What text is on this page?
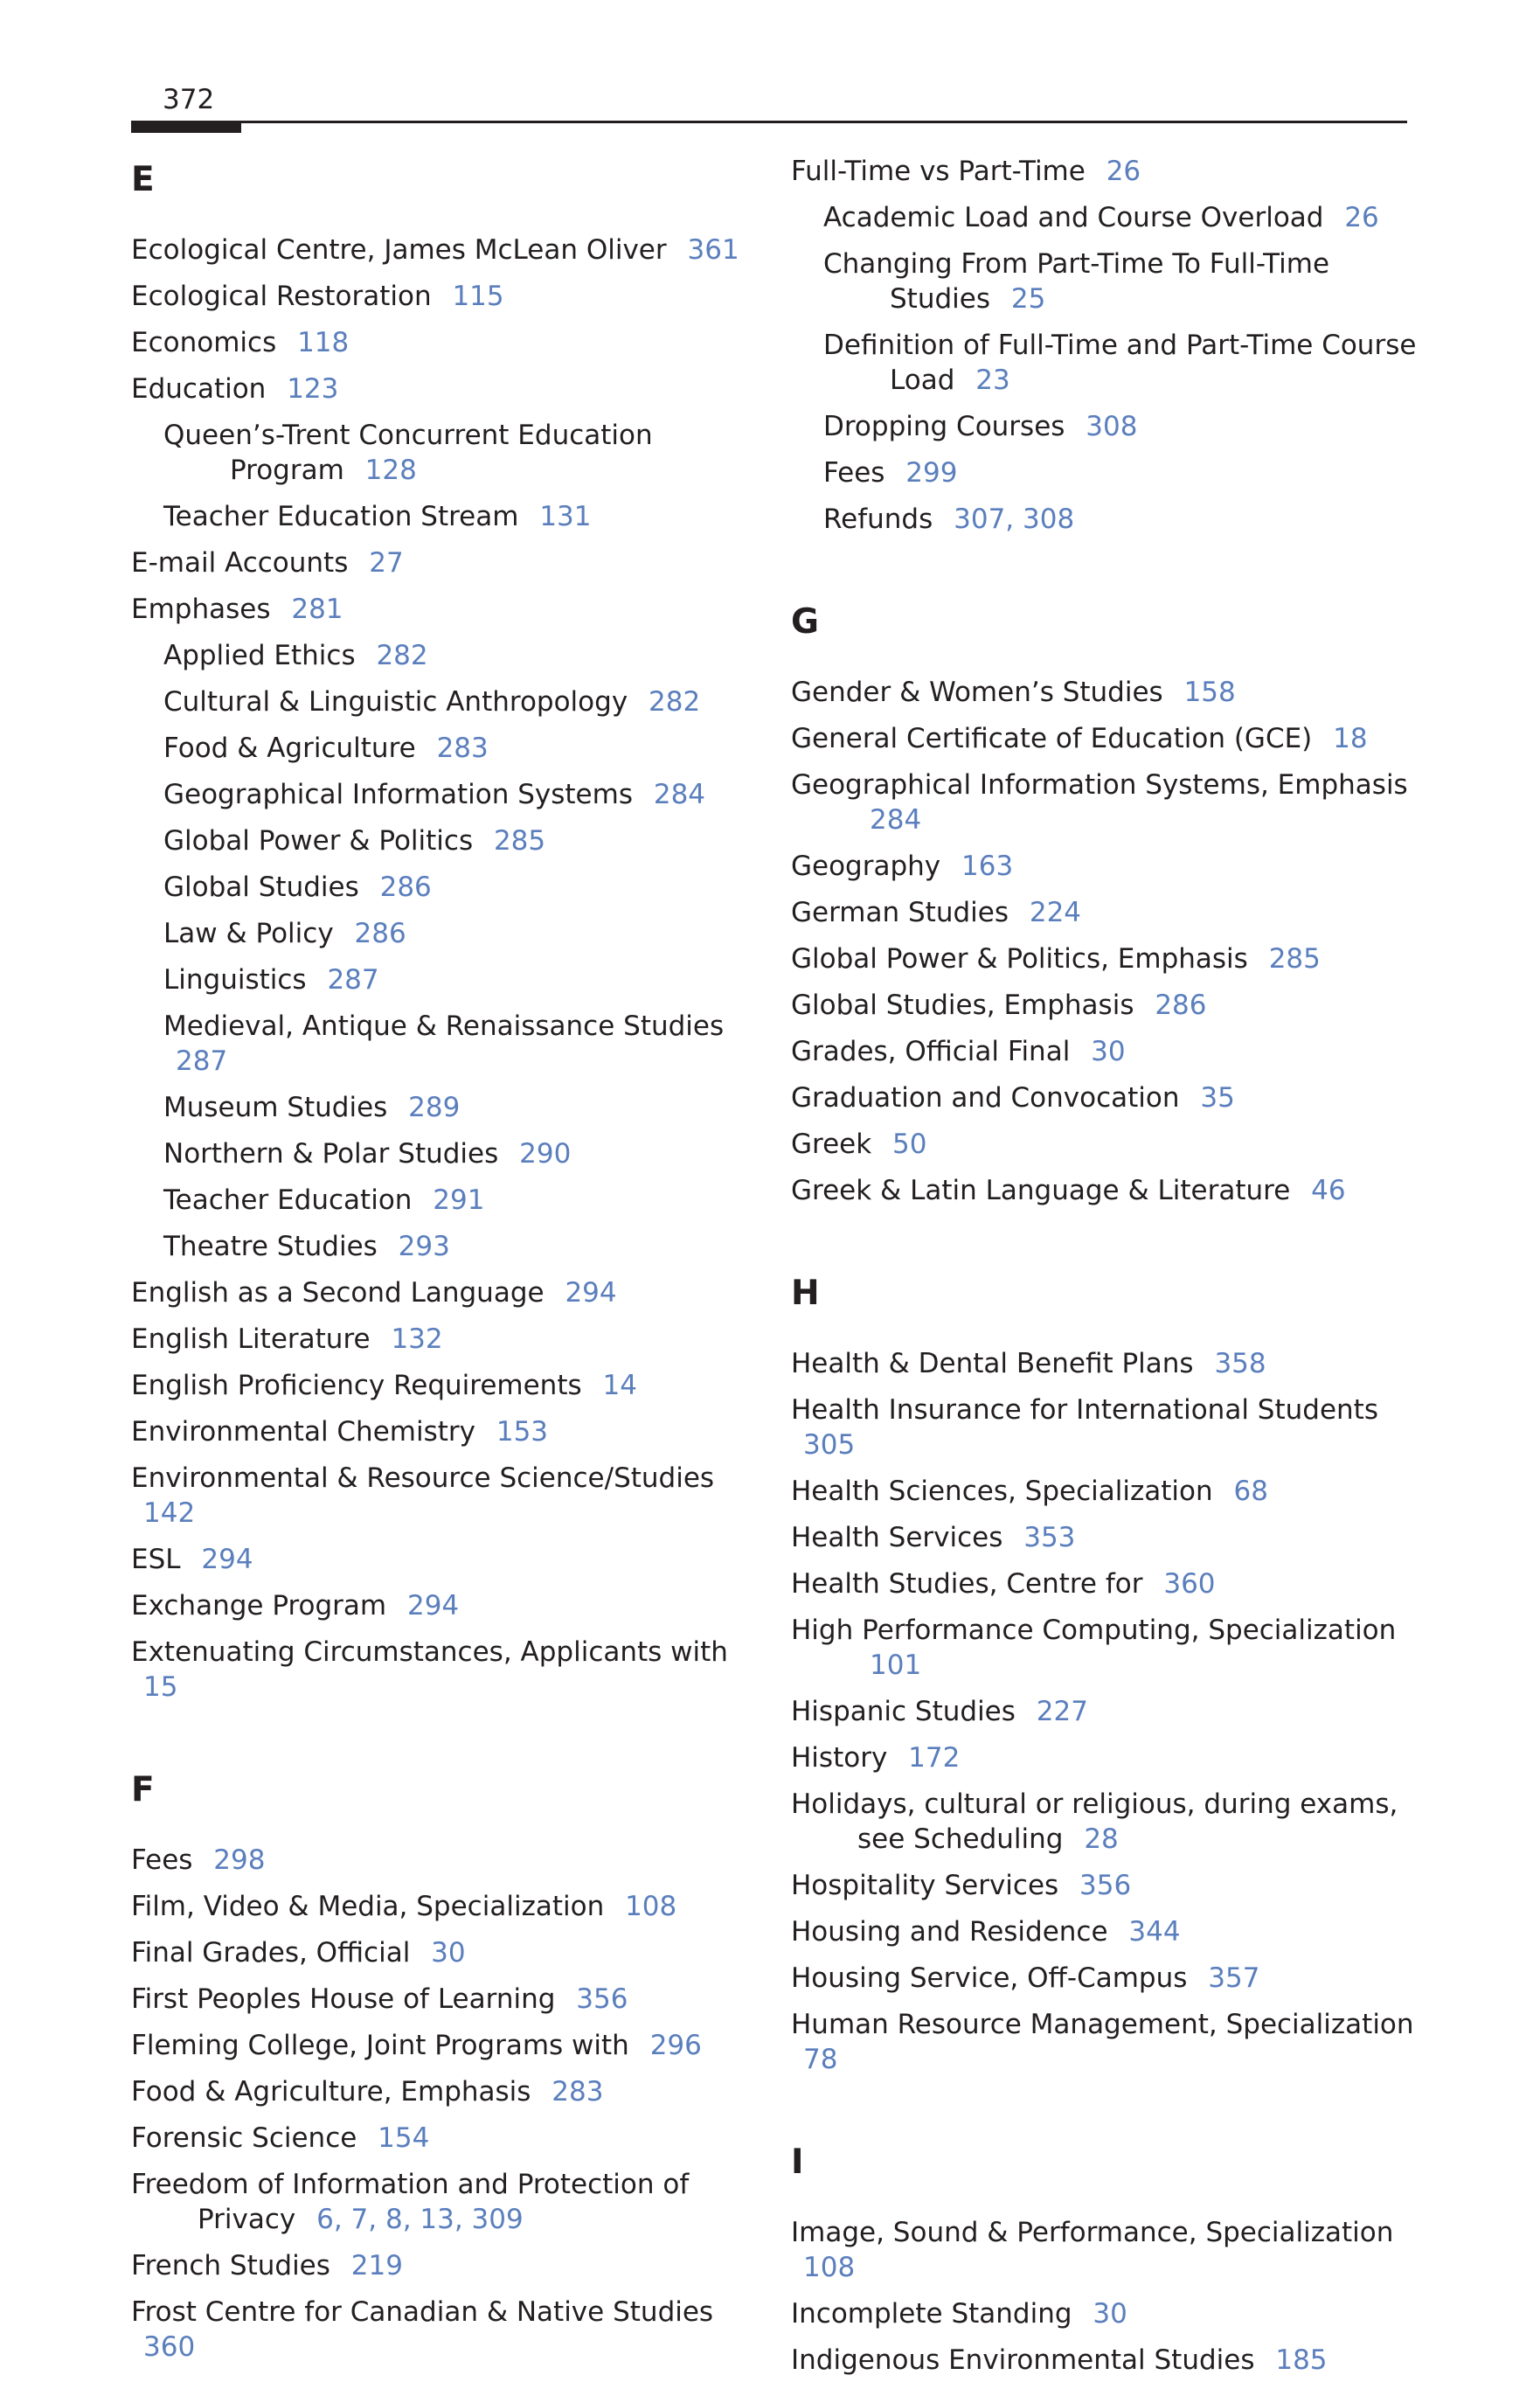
372
E
Ecological Centre, James McLean Oliver 361
Ecological Restoration 115
Economics 118
Education 123
Queen’s-Trent Concurrent Education Program 128
Teacher Education Stream 131
E-mail Accounts 27
Emphases 281
Applied Ethics 282
Cultural & Linguistic Anthropology 282
Food & Agriculture 283
Geographical Information Systems 284
Global Power & Politics 285
Global Studies 286
Law & Policy 286
Linguistics 287
Medieval, Antique & Renaissance Studies 287
Museum Studies 289
Northern & Polar Studies 290
Teacher Education 291
Theatre Studies 293
English as a Second Language 294
English Literature 132
English Proficiency Requirements 14
Environmental Chemistry 153
Environmental & Resource Science/Studies 142
ESL 294
Exchange Program 294
Extenuating Circumstances, Applicants with 15
F
Fees 298
Film, Video & Media, Specialization 108
Final Grades, Official 30
First Peoples House of Learning 356
Fleming College, Joint Programs with 296
Food & Agriculture, Emphasis 283
Forensic Science 154
Freedom of Information and Protection of Privacy 6, 7, 8, 13, 309
French Studies 219
Frost Centre for Canadian & Native Studies 360
Full-Time vs Part-Time 26
Academic Load and Course Overload 26
Changing From Part-Time To Full-Time Studies 25
Definition of Full-Time and Part-Time Course Load 23
Dropping Courses 308
Fees 299
Refunds 307, 308
G
Gender & Women’s Studies 158
General Certificate of Education (GCE) 18
Geographical Information Systems, Emphasis 284
Geography 163
German Studies 224
Global Power & Politics, Emphasis 285
Global Studies, Emphasis 286
Grades, Official Final 30
Graduation and Convocation 35
Greek 50
Greek & Latin Language & Literature 46
H
Health & Dental Benefit Plans 358
Health Insurance for International Students 305
Health Sciences, Specialization 68
Health Services 353
Health Studies, Centre for 360
High Performance Computing, Specialization 101
Hispanic Studies 227
History 172
Holidays, cultural or religious, during exams, see Scheduling 28
Hospitality Services 356
Housing and Residence 344
Housing Service, Off-Campus 357
Human Resource Management, Specialization 78
I
Image, Sound & Performance, Specialization 108
Incomplete Standing 30
Indigenous Environmental Studies 185
